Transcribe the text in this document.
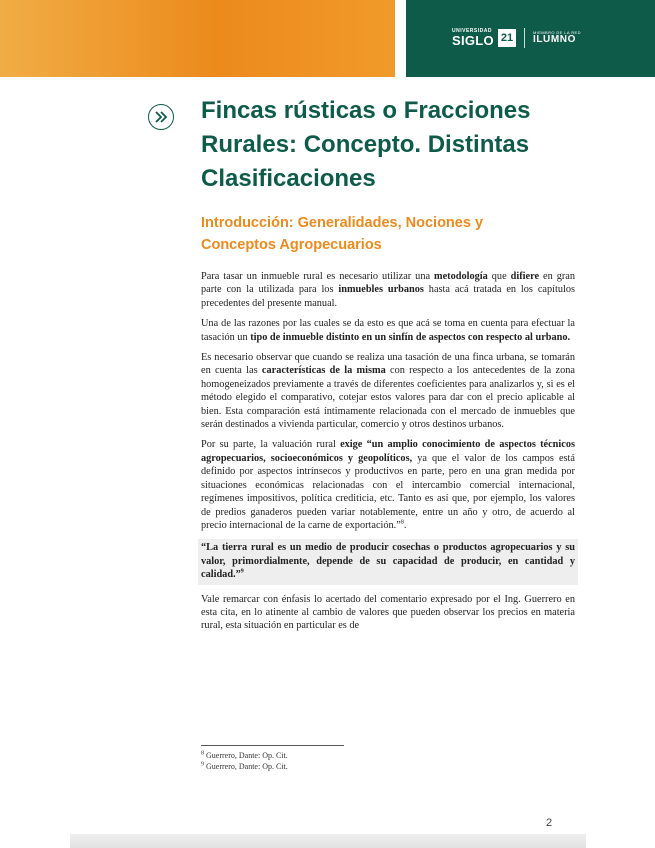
UNIVERSIDAD
SIGLO 21	MIEMBRO DE LA RED
ILUMNO
Fincas rústicas o Fracciones Rurales: Concepto. Distintas Clasificaciones
Introducción: Generalidades, Nociones y Conceptos Agropecuarios

Para tasar un inmueble rural es necesario utilizar una metodología que difiere en gran parte con la utilizada para los inmuebles urbanos hasta acá tratada en los capítulos precedentes del presente manual.

Una de las razones por las cuales se da esto es que acá se toma en cuenta para efectuar la tasación un tipo de inmueble distinto en un sinfín de aspectos con respecto al urbano.

Es necesario observar que cuando se realiza una tasación de una finca urbana, se tomarán en cuenta las características de la misma con respecto a los antecedentes de la zona homogeneizados previamente a través de diferentes coeficientes para analizarlos y, si es el método elegido el comparativo, cotejar estos valores para dar con el precio aplicable al bien. Esta comparación está íntimamente relacionada con el mercado de inmuebles que serán destinados a vivienda particular, comercio y otros destinos urbanos.

Por su parte, la valuación rural exige “un amplio conocimiento de aspectos técnicos agropecuarios, socioeconómicos y geopolíticos, ya que el valor de los campos está definido por aspectos intrínsecos y productivos en parte, pero en una gran medida por situaciones económicas relacionadas con el intercambio comercial internacional, regímenes impositivos, política crediticia, etc. Tanto es así que, por ejemplo, los valores de predios ganaderos pueden variar notablemente, entre un año y otro, de acuerdo al precio internacional de la carne de exportación.”$^8$.

“La tierra rural es un medio de producir cosechas o productos agropecuarios y su valor, primordialmente, depende de su capacidad de producir, en cantidad y calidad.”$^9$

Vale remarcar con énfasis lo acertado del comentario expresado por el Ing. Guerrero en esta cita, en lo atinente al cambio de valores que pueden observar los precios en materia rural, esta situación en particular es de

$^8$ Guerrero, Dante: Op. Cit.
$^9$ Guerrero, Dante: Op. Cit.
2
